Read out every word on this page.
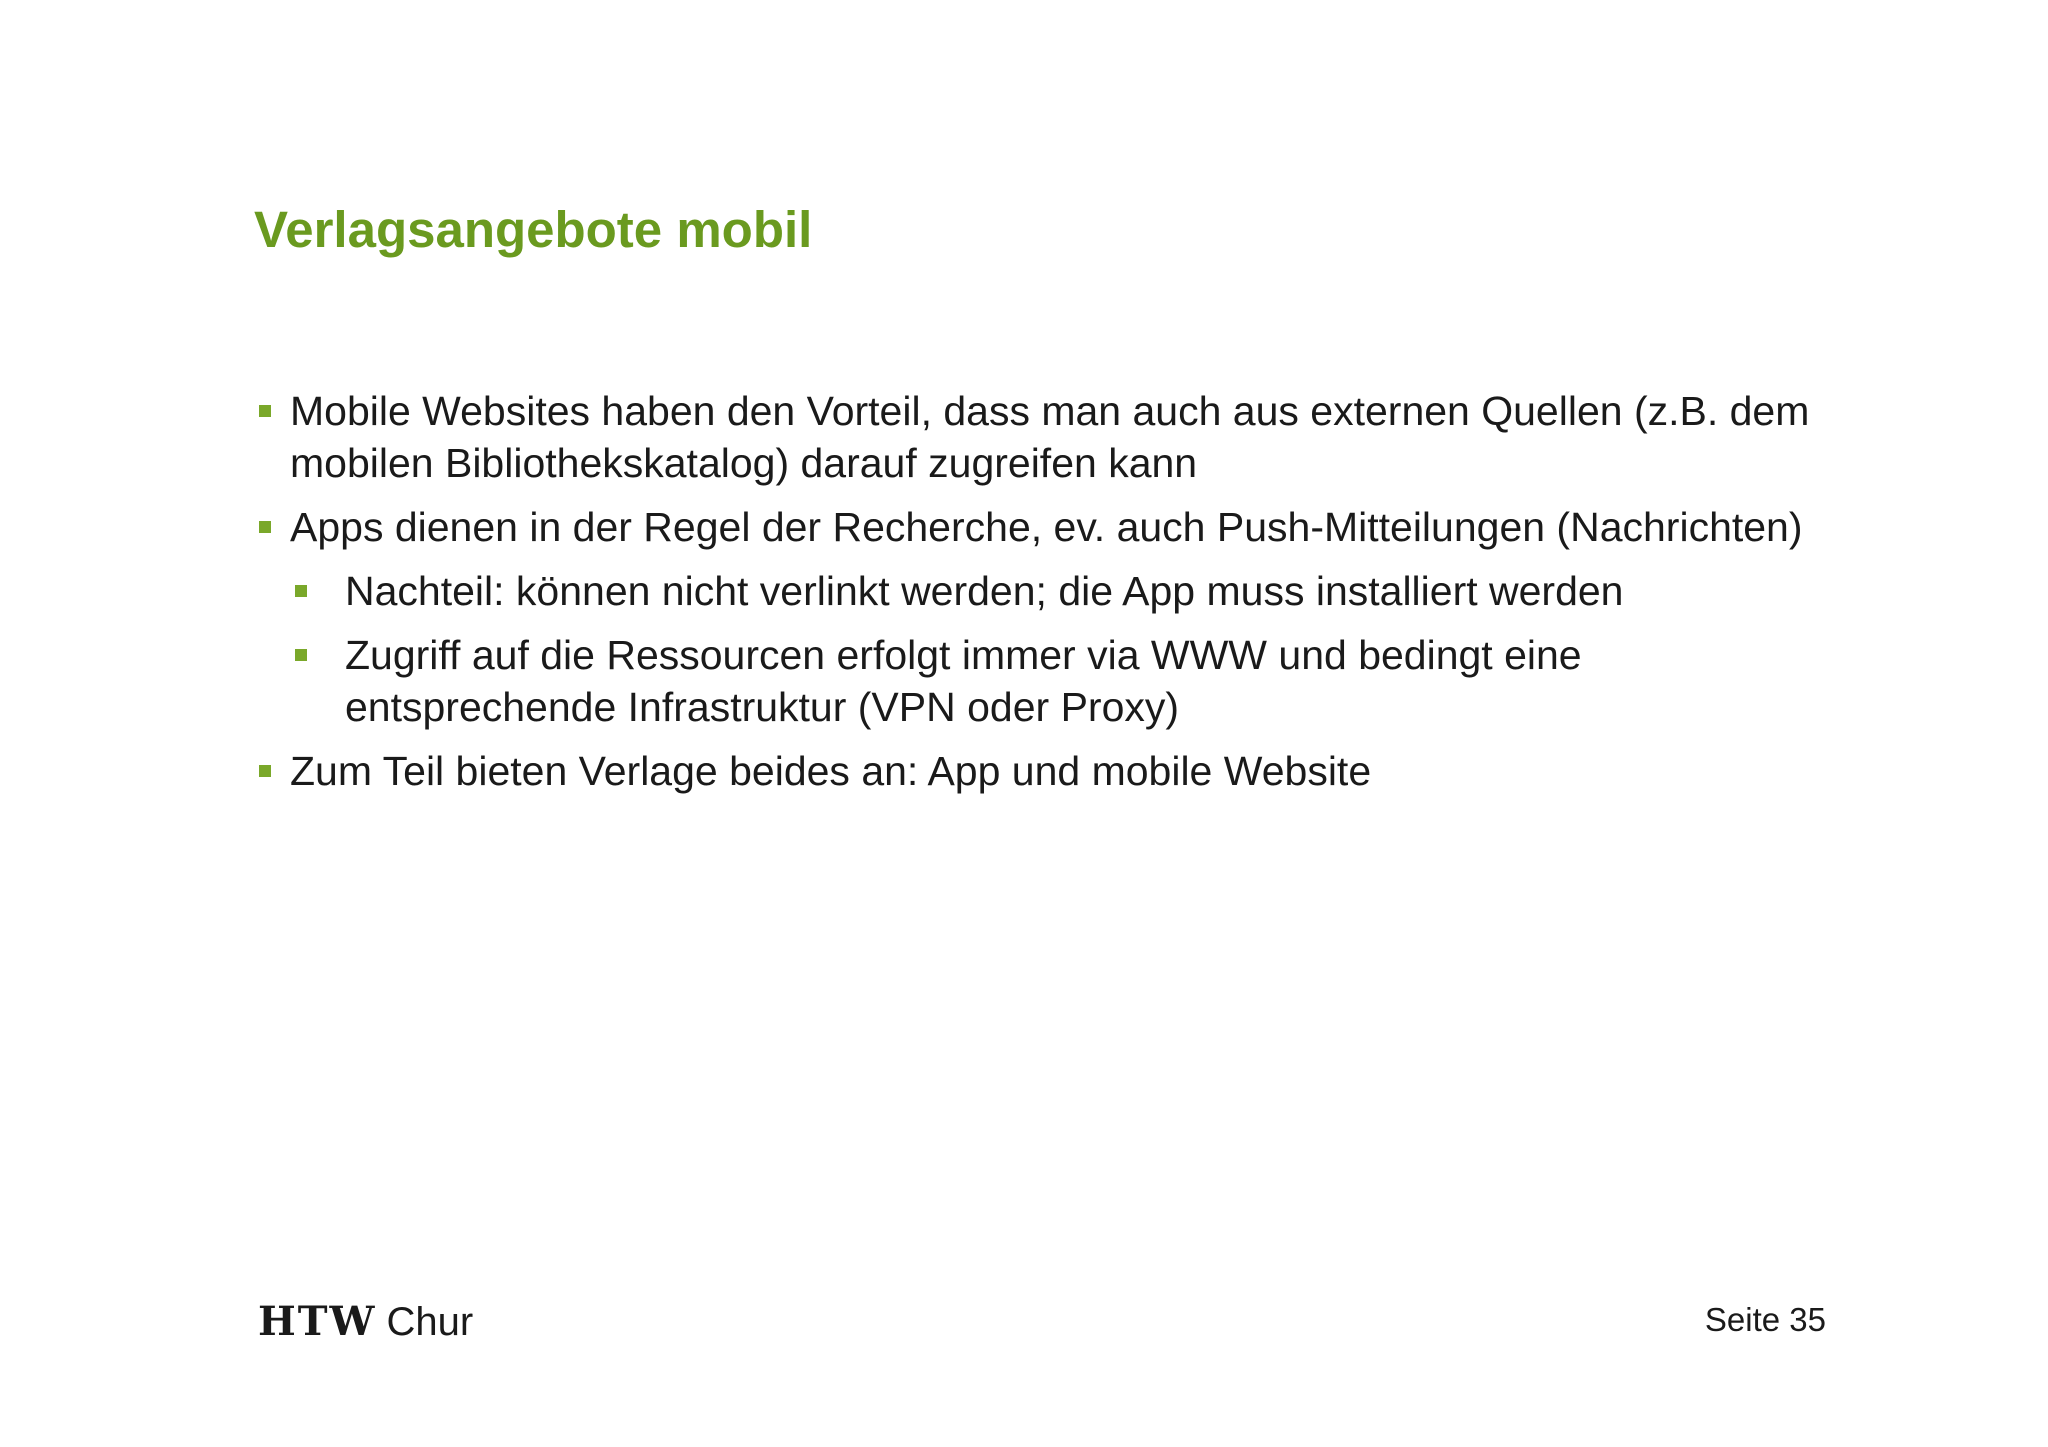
Verlagsangebote mobil
Mobile Websites haben den Vorteil, dass man auch aus externen Quellen (z.B. dem mobilen Bibliothekskatalog) darauf zugreifen kann
Apps dienen in der Regel der Recherche, ev. auch Push-Mitteilungen (Nachrichten)
Nachteil: können nicht verlinkt werden; die App muss installiert werden
Zugriff auf die Ressourcen erfolgt immer via WWW und bedingt eine entsprechende Infrastruktur (VPN oder Proxy)
Zum Teil bieten Verlage beides an: App und mobile Website
HTW Chur	Seite 35
